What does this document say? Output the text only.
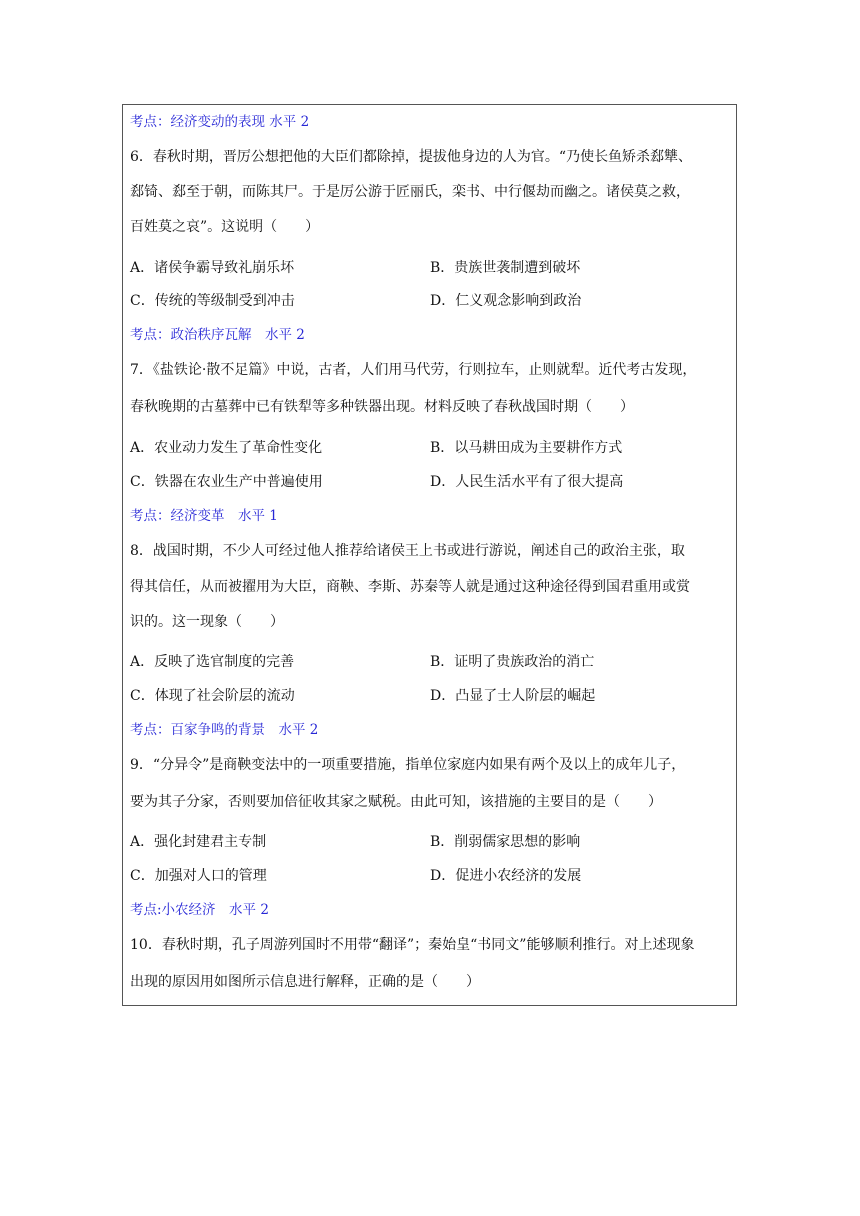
考点：经济变动的表现 水平 2
6．春秋时期，晋厉公想把他的大臣们都除掉，提拔他身边的人为官。“乃使长鱼矫杀郄犨、
郄锜、郄至于朝，而陈其尸。于是厉公游于匠丽氏，栾书、中行偃劫而幽之。诸侯莫之救，
百姓莫之哀”。这说明（　　）
A．诸侯争霸导致礼崩乐坏	B．贵族世袭制遭到破坏
C．传统的等级制受到冲击	D．仁义观念影响到政治
考点：政治秩序瓦解　水平 2
7．《盐铁论·散不足篇》中说，古者，人们用马代劳，行则拉车，止则就犁。近代考古发现，
春秋晚期的古墓葬中已有铁犁等多种铁器出现。材料反映了春秋战国时期（　　）
A．农业动力发生了革命性变化	B．以马耕田成为主要耕作方式
C．铁器在农业生产中普遍使用	D．人民生活水平有了很大提高
考点：经济变革　水平 1
8．战国时期，不少人可经过他人推荐给诸侯王上书或进行游说，阐述自己的政治主张，取
得其信任，从而被擢用为大臣，商鞅、李斯、苏秦等人就是通过这种途径得到国君重用或赏
识的。这一现象（　　）
A．反映了选官制度的完善	B．证明了贵族政治的消亡
C．体现了社会阶层的流动	D．凸显了士人阶层的崛起
考点：百家争鸣的背景　水平 2
9．“分异令”是商鞅变法中的一项重要措施，指单位家庭内如果有两个及以上的成年儿子，
要为其子分家，否则要加倍征收其家之赋税。由此可知，该措施的主要目的是（　　）
A．强化封建君主专制	B．削弱儒家思想的影响
C．加强对人口的管理	D．促进小农经济的发展
考点:小农经济　水平 2
10．春秋时期，孔子周游列国时不用带“翻译”；秦始皇“书同文”能够顺利推行。对上述现象
出现的原因用如图所示信息进行解释，正确的是（　　）
